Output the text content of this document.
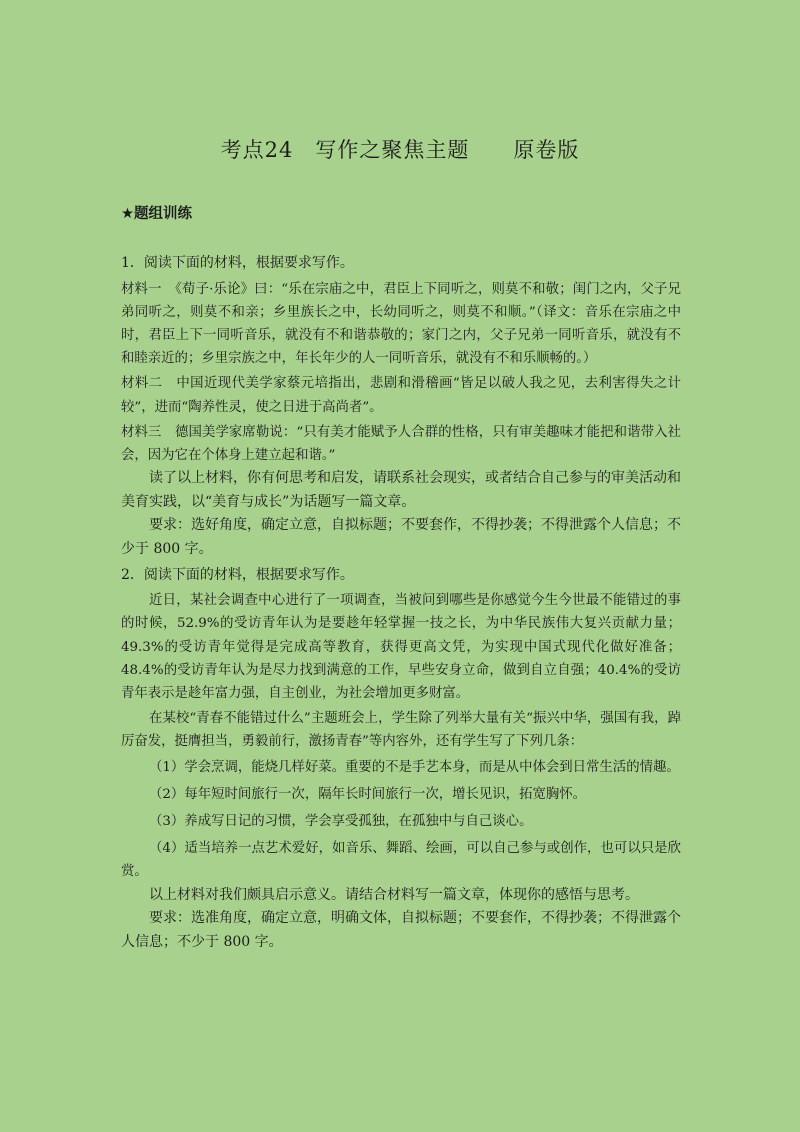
考点24　写作之聚焦主题　　原卷版
★题组训练

1．阅读下面的材料，根据要求写作。

材料一　《荀子·乐论》曰：“乐在宗庙之中，君臣上下同听之，则莫不和敬；闺门之内，父子兄弟同听之，则莫不和亲；乡里族长之中，长幼同听之，则莫不和顺。”（译文：音乐在宗庙之中时，君臣上下一同听音乐，就没有不和谐恭敬的；家门之内，父子兄弟一同听音乐，就没有不和睦亲近的；乡里宗族之中，年长年少的人一同听音乐，就没有不和乐顺畅的。）

材料二　中国近现代美学家蔡元培指出，悲剧和滑稽画“皆足以破人我之见，去利害得失之计较”，进而“陶养性灵，使之日进于高尚者”。

材料三　德国美学家席勒说：“只有美才能赋予人合群的性格，只有审美趣味才能把和谐带入社会，因为它在个体身上建立起和谐。”

读了以上材料，你有何思考和启发，请联系社会现实，或者结合自己参与的审美活动和美育实践，以“美育与成长”为话题写一篇文章。

要求：选好角度，确定立意，自拟标题；不要套作，不得抄袭；不得泄露个人信息；不少于 800 字。

2．阅读下面的材料，根据要求写作。

近日，某社会调查中心进行了一项调查，当被问到哪些是你感觉今生今世最不能错过的事的时候，52.9%的受访青年认为是要趁年轻掌握一技之长，为中华民族伟大复兴贡献力量；49.3%的受访青年觉得是完成高等教育，获得更高文凭，为实现中国式现代化做好准备；48.4%的受访青年认为是尽力找到满意的工作，早些安身立命，做到自立自强；40.4%的受访青年表示是趁年富力强，自主创业，为社会增加更多财富。

在某校“青春不能错过什么”主题班会上，学生除了列举大量有关“振兴中华，强国有我，踔厉奋发，挺膺担当，勇毅前行，激扬青春”等内容外，还有学生写了下列几条：

（1）学会烹调，能烧几样好菜。重要的不是手艺本身，而是从中体会到日常生活的情趣。

（2）每年短时间旅行一次，隔年长时间旅行一次，增长见识，拓宽胸怀。

（3）养成写日记的习惯，学会享受孤独，在孤独中与自己谈心。

（4）适当培养一点艺术爱好，如音乐、舞蹈、绘画，可以自己参与或创作，也可以只是欣赏。

以上材料对我们颇具启示意义。请结合材料写一篇文章，体现你的感悟与思考。

要求：选准角度，确定立意，明确文体，自拟标题；不要套作，不得抄袭；不得泄露个人信息；不少于 800 字。
